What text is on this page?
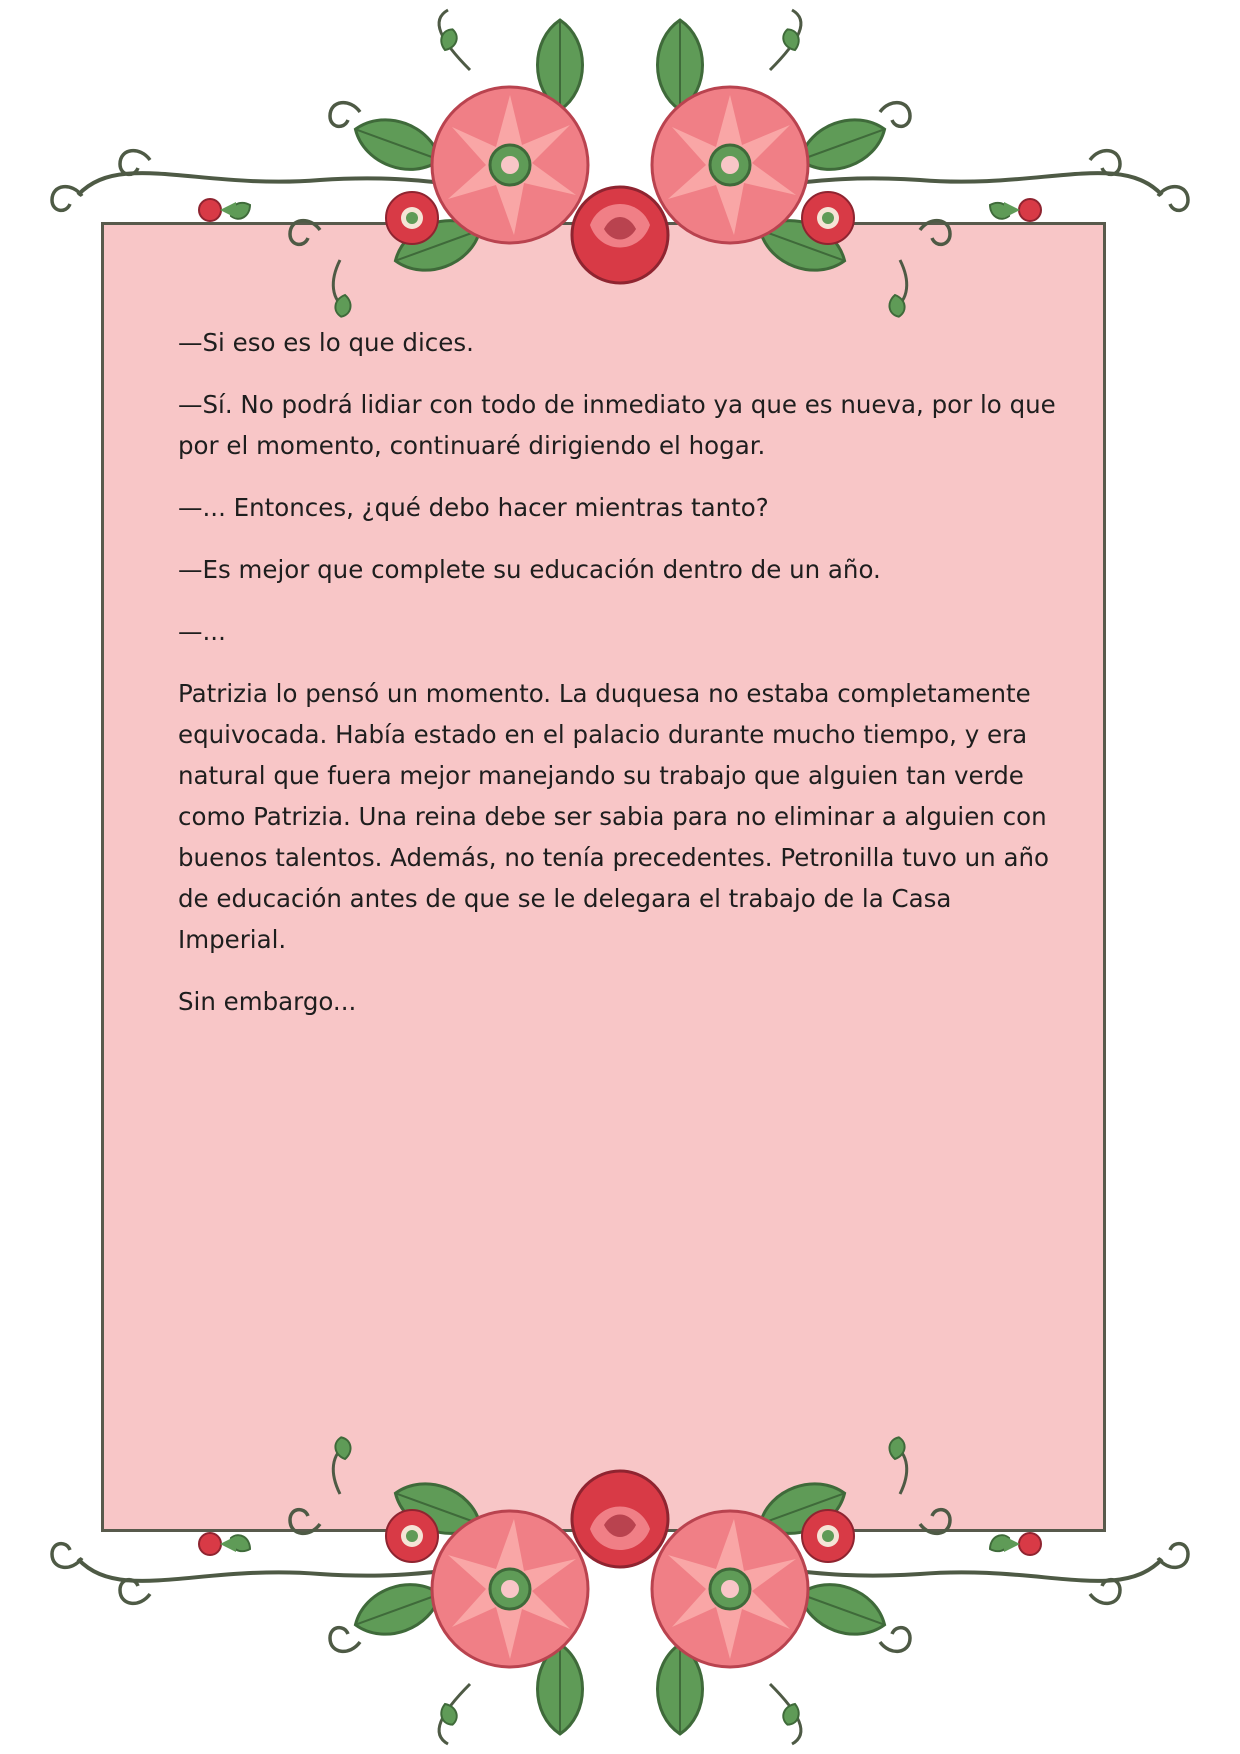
—Si eso es lo que dices.

—Sí. No podrá lidiar con todo de inmediato ya que es nueva, por lo que por el momento, continuaré dirigiendo el hogar.

—... Entonces, ¿qué debo hacer mientras tanto?

—Es mejor que complete su educación dentro de un año.

—...

Patrizia lo pensó un momento. La duquesa no estaba completamente equivocada. Había estado en el palacio durante mucho tiempo, y era natural que fuera mejor manejando su trabajo que alguien tan verde como Patrizia. Una reina debe ser sabia para no eliminar a alguien con buenos talentos. Además, no tenía precedentes. Petronilla tuvo un año de educación antes de que se le delegara el trabajo de la Casa Imperial.

Sin embargo...
